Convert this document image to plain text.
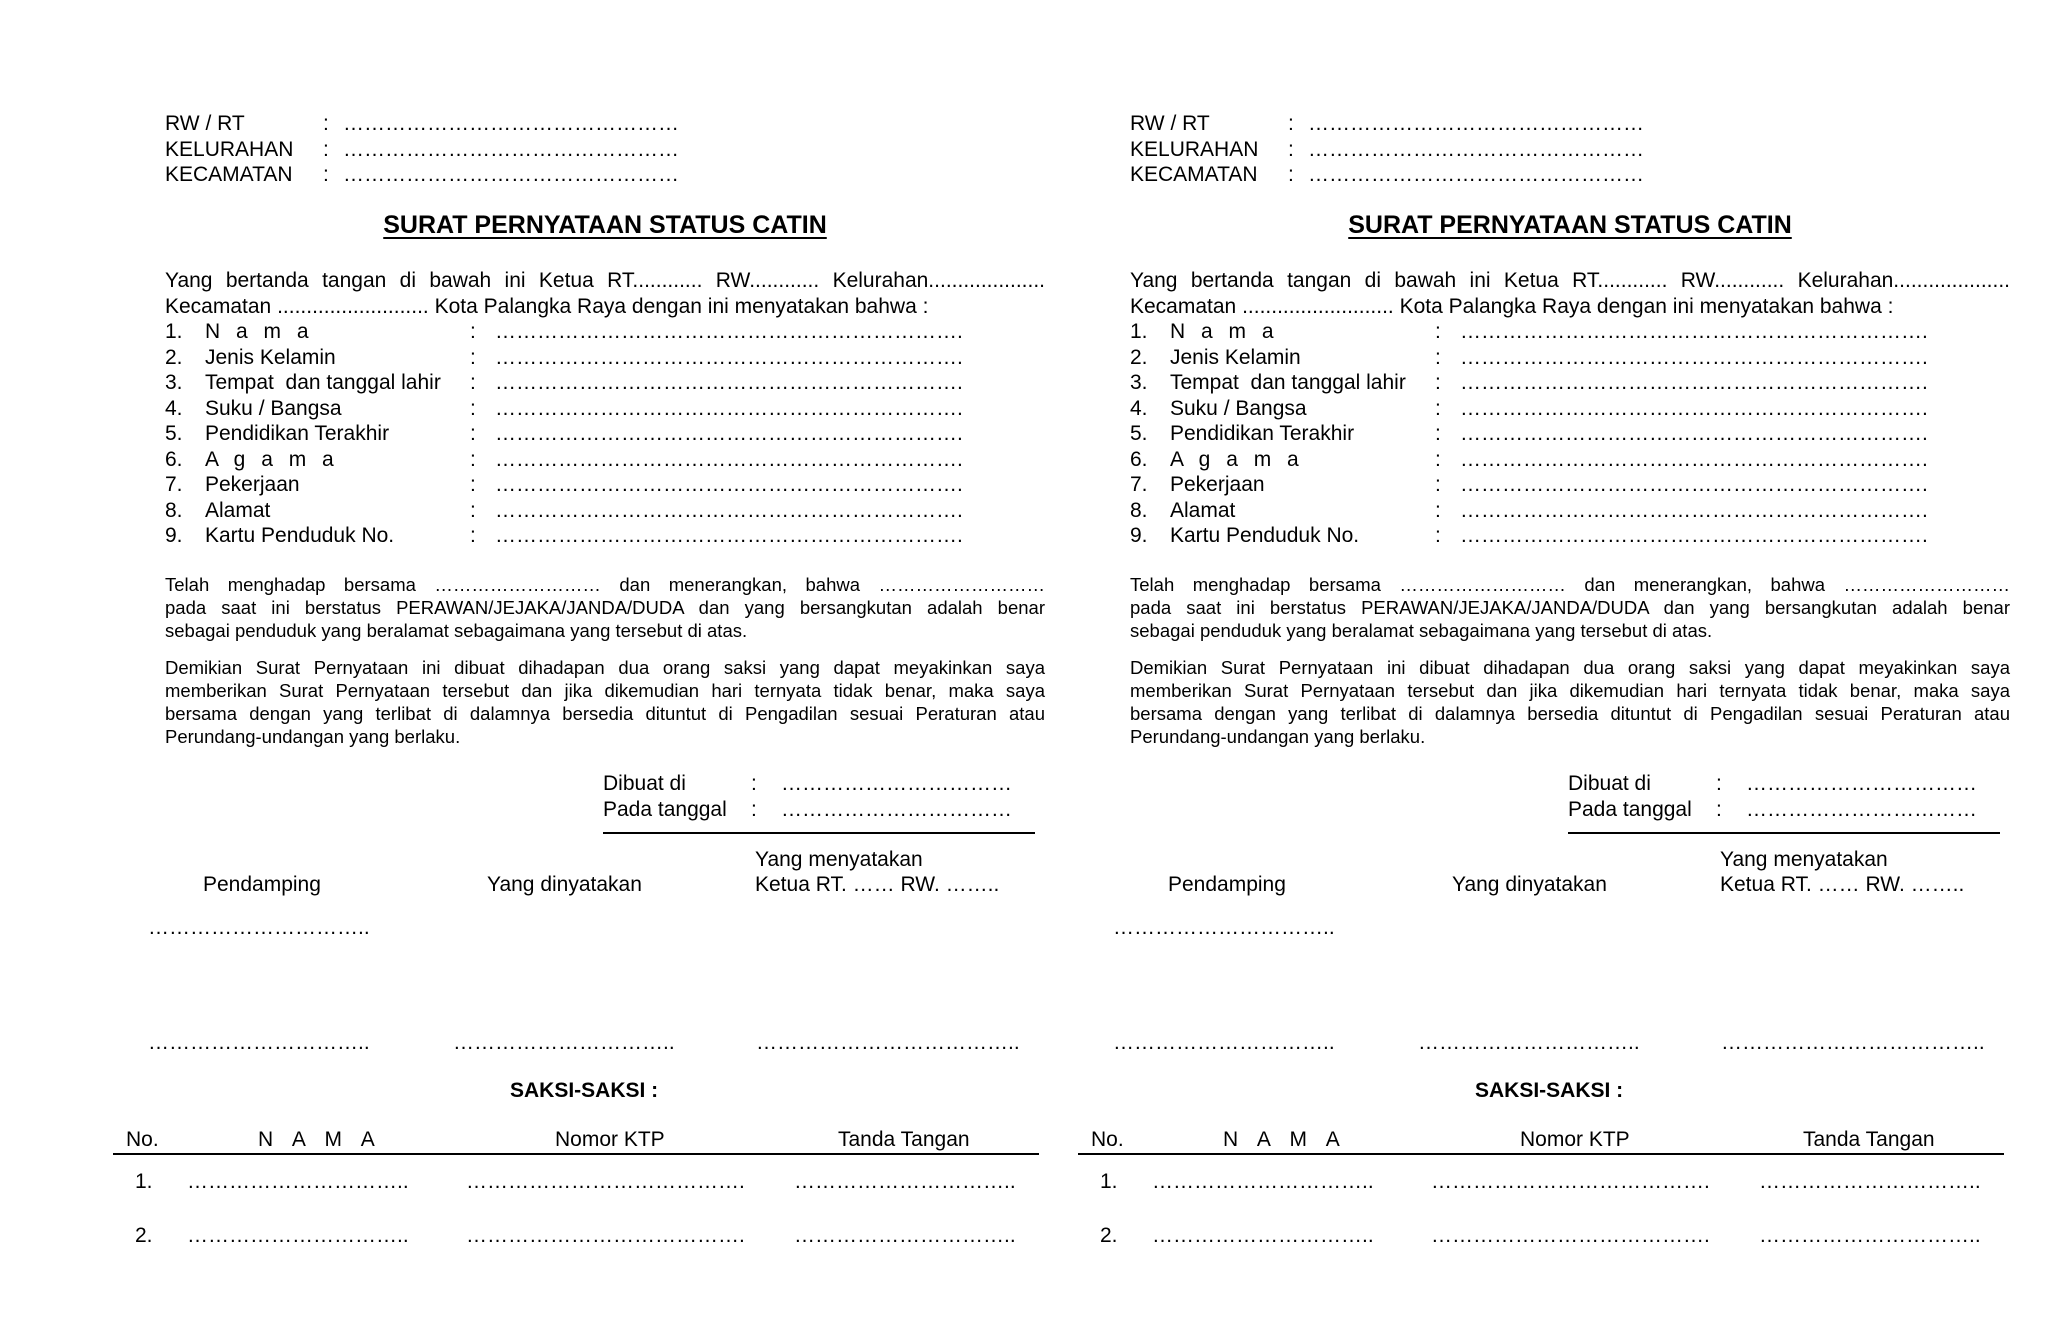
RW / RT	: …………………………………………
KELURAHAN : …………………………………………
KECAMATAN : …………………………………………
SURAT PERNYATAAN STATUS CATIN
Yang bertanda tangan di bawah ini Ketua RT............ RW............ Kelurahan....................
Kecamatan .......................... Kota Palangka Raya dengan ini menyatakan bahwa :
1. N a m a	: ………………………………………………………….
2. Jenis Kelamin	: ………………………………………………………….
3. Tempat  dan tanggal lahir : ………………………………………………………….
4. Suku / Bangsa	: ………………………………………………………….
5. Pendidikan Terakhir	: ………………………………………………………….
6. A g a m a	: ………………………………………………………….
7. Pekerjaan	: ………………………………………………………….
8. Alamat	: ………………………………………………………….
9. Kartu Penduduk No.	: ………………………………………………………….
Telah menghadap bersama ……………………… dan menerangkan, bahwa ………………………
pada saat ini berstatus PERAWAN/JEJAKA/JANDA/DUDA dan yang bersangkutan adalah benar
sebagai penduduk yang beralamat sebagaimana yang tersebut di atas.
Demikian Surat Pernyataan ini dibuat dihadapan dua orang saksi yang dapat meyakinkan saya
memberikan Surat Pernyataan tersebut dan jika dikemudian hari ternyata tidak benar, maka saya
bersama dengan yang terlibat di dalamnya bersedia dituntut di Pengadilan sesuai Peraturan atau
Perundang-undangan yang berlaku.
Dibuat di	: ……………………………
Pada tanggal : ……………………………
Pendamping	Yang dinyatakan
Yang menyatakan
Ketua RT. …… RW. ……..
…………………………..
…………………………..	…………………………..	………………………………..
SAKSI-SAKSI :
No.	N A M A	Nomor KTP	Tanda Tangan
1. …………………………..	…………………………………. …………………………..
2. …………………………..	…………………………………. …………………………..
RW / RT	: …………………………………………
KELURAHAN : …………………………………………
KECAMATAN : …………………………………………
SURAT PERNYATAAN STATUS CATIN
Yang bertanda tangan di bawah ini Ketua RT............ RW............ Kelurahan....................
Kecamatan .......................... Kota Palangka Raya dengan ini menyatakan bahwa :
1. N a m a	: ………………………………………………………….
2. Jenis Kelamin	: ………………………………………………………….
3. Tempat  dan tanggal lahir : ………………………………………………………….
4. Suku / Bangsa	: ………………………………………………………….
5. Pendidikan Terakhir	: ………………………………………………………….
6. A g a m a	: ………………………………………………………….
7. Pekerjaan	: ………………………………………………………….
8. Alamat	: ………………………………………………………….
9. Kartu Penduduk No.	: ………………………………………………………….
Telah menghadap bersama ……………………… dan menerangkan, bahwa ………………………
pada saat ini berstatus PERAWAN/JEJAKA/JANDA/DUDA dan yang bersangkutan adalah benar
sebagai penduduk yang beralamat sebagaimana yang tersebut di atas.
Demikian Surat Pernyataan ini dibuat dihadapan dua orang saksi yang dapat meyakinkan saya
memberikan Surat Pernyataan tersebut dan jika dikemudian hari ternyata tidak benar, maka saya
bersama dengan yang terlibat di dalamnya bersedia dituntut di Pengadilan sesuai Peraturan atau
Perundang-undangan yang berlaku.
Dibuat di	: ……………………………
Pada tanggal : ……………………………
Pendamping	Yang dinyatakan
Yang menyatakan
Ketua RT. …… RW. ……..
…………………………..
…………………………..	…………………………..	………………………………..
SAKSI-SAKSI :
No.	N A M A	Nomor KTP	Tanda Tangan
1. …………………………..	…………………………………. …………………………..
2. …………………………..	…………………………………. …………………………..
